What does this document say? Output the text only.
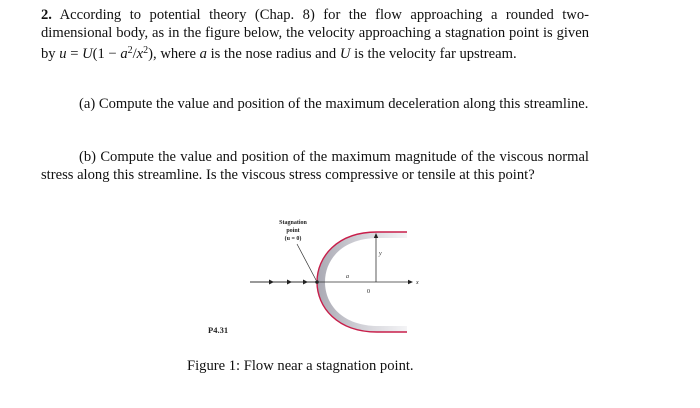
2. According to potential theory (Chap. 8) for the flow approaching a rounded two-dimensional body, as in the figure below, the velocity approaching a stagnation point is given by $u = U(1 - a^2/x^2)$, where a is the nose radius and U is the velocity far upstream.

(a) Compute the value and position of the maximum deceleration along this streamline.

(b) Compute the value and position of the maximum magnitude of the viscous normal stress along this streamline. Is the viscous stress compressive or tensile at this point?

Stagnation
point
(u = 0)
a
x
y
0
P4.31

Figure 1: Flow near a stagnation point.
